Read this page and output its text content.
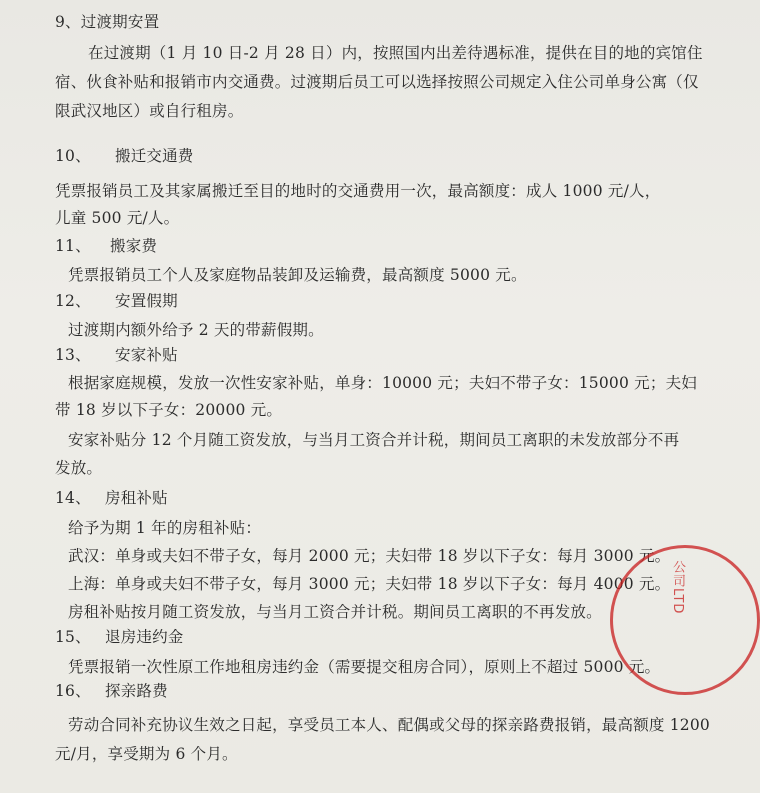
9、过渡期安置
在过渡期（1 月 10 日-2 月 28 日）内，按照国内出差待遇标准，提供在目的地的宾馆住
宿、伙食补贴和报销市内交通费。过渡期后员工可以选择按照公司规定入住公司单身公寓（仅
限武汉地区）或自行租房。
10、 搬迁交通费
凭票报销员工及其家属搬迁至目的地时的交通费用一次，最高额度：成人 1000 元/人，
儿童 500 元/人。
11、 搬家费
凭票报销员工个人及家庭物品装卸及运输费，最高额度 5000 元。
12、 安置假期
过渡期内额外给予 2 天的带薪假期。
13、 安家补贴
根据家庭规模，发放一次性安家补贴，单身：10000 元；夫妇不带子女：15000 元；夫妇
带 18 岁以下子女：20000 元。
安家补贴分 12 个月随工资发放，与当月工资合并计税，期间员工离职的未发放部分不再
发放。
14、 房租补贴
给予为期 1 年的房租补贴：
武汉：单身或夫妇不带子女，每月 2000 元；夫妇带 18 岁以下子女：每月 3000 元。
上海：单身或夫妇不带子女，每月 3000 元；夫妇带 18 岁以下子女：每月 4000 元。
房租补贴按月随工资发放，与当月工资合并计税。期间员工离职的不再发放。
15、 退房违约金
凭票报销一次性原工作地租房违约金（需要提交租房合同），原则上不超过 5000 元。
16、 探亲路费
劳动合同补充协议生效之日起，享受员工本人、配偶或父母的探亲路费报销，最高额度 1200
元/月，享受期为 6 个月。
公司LTD
